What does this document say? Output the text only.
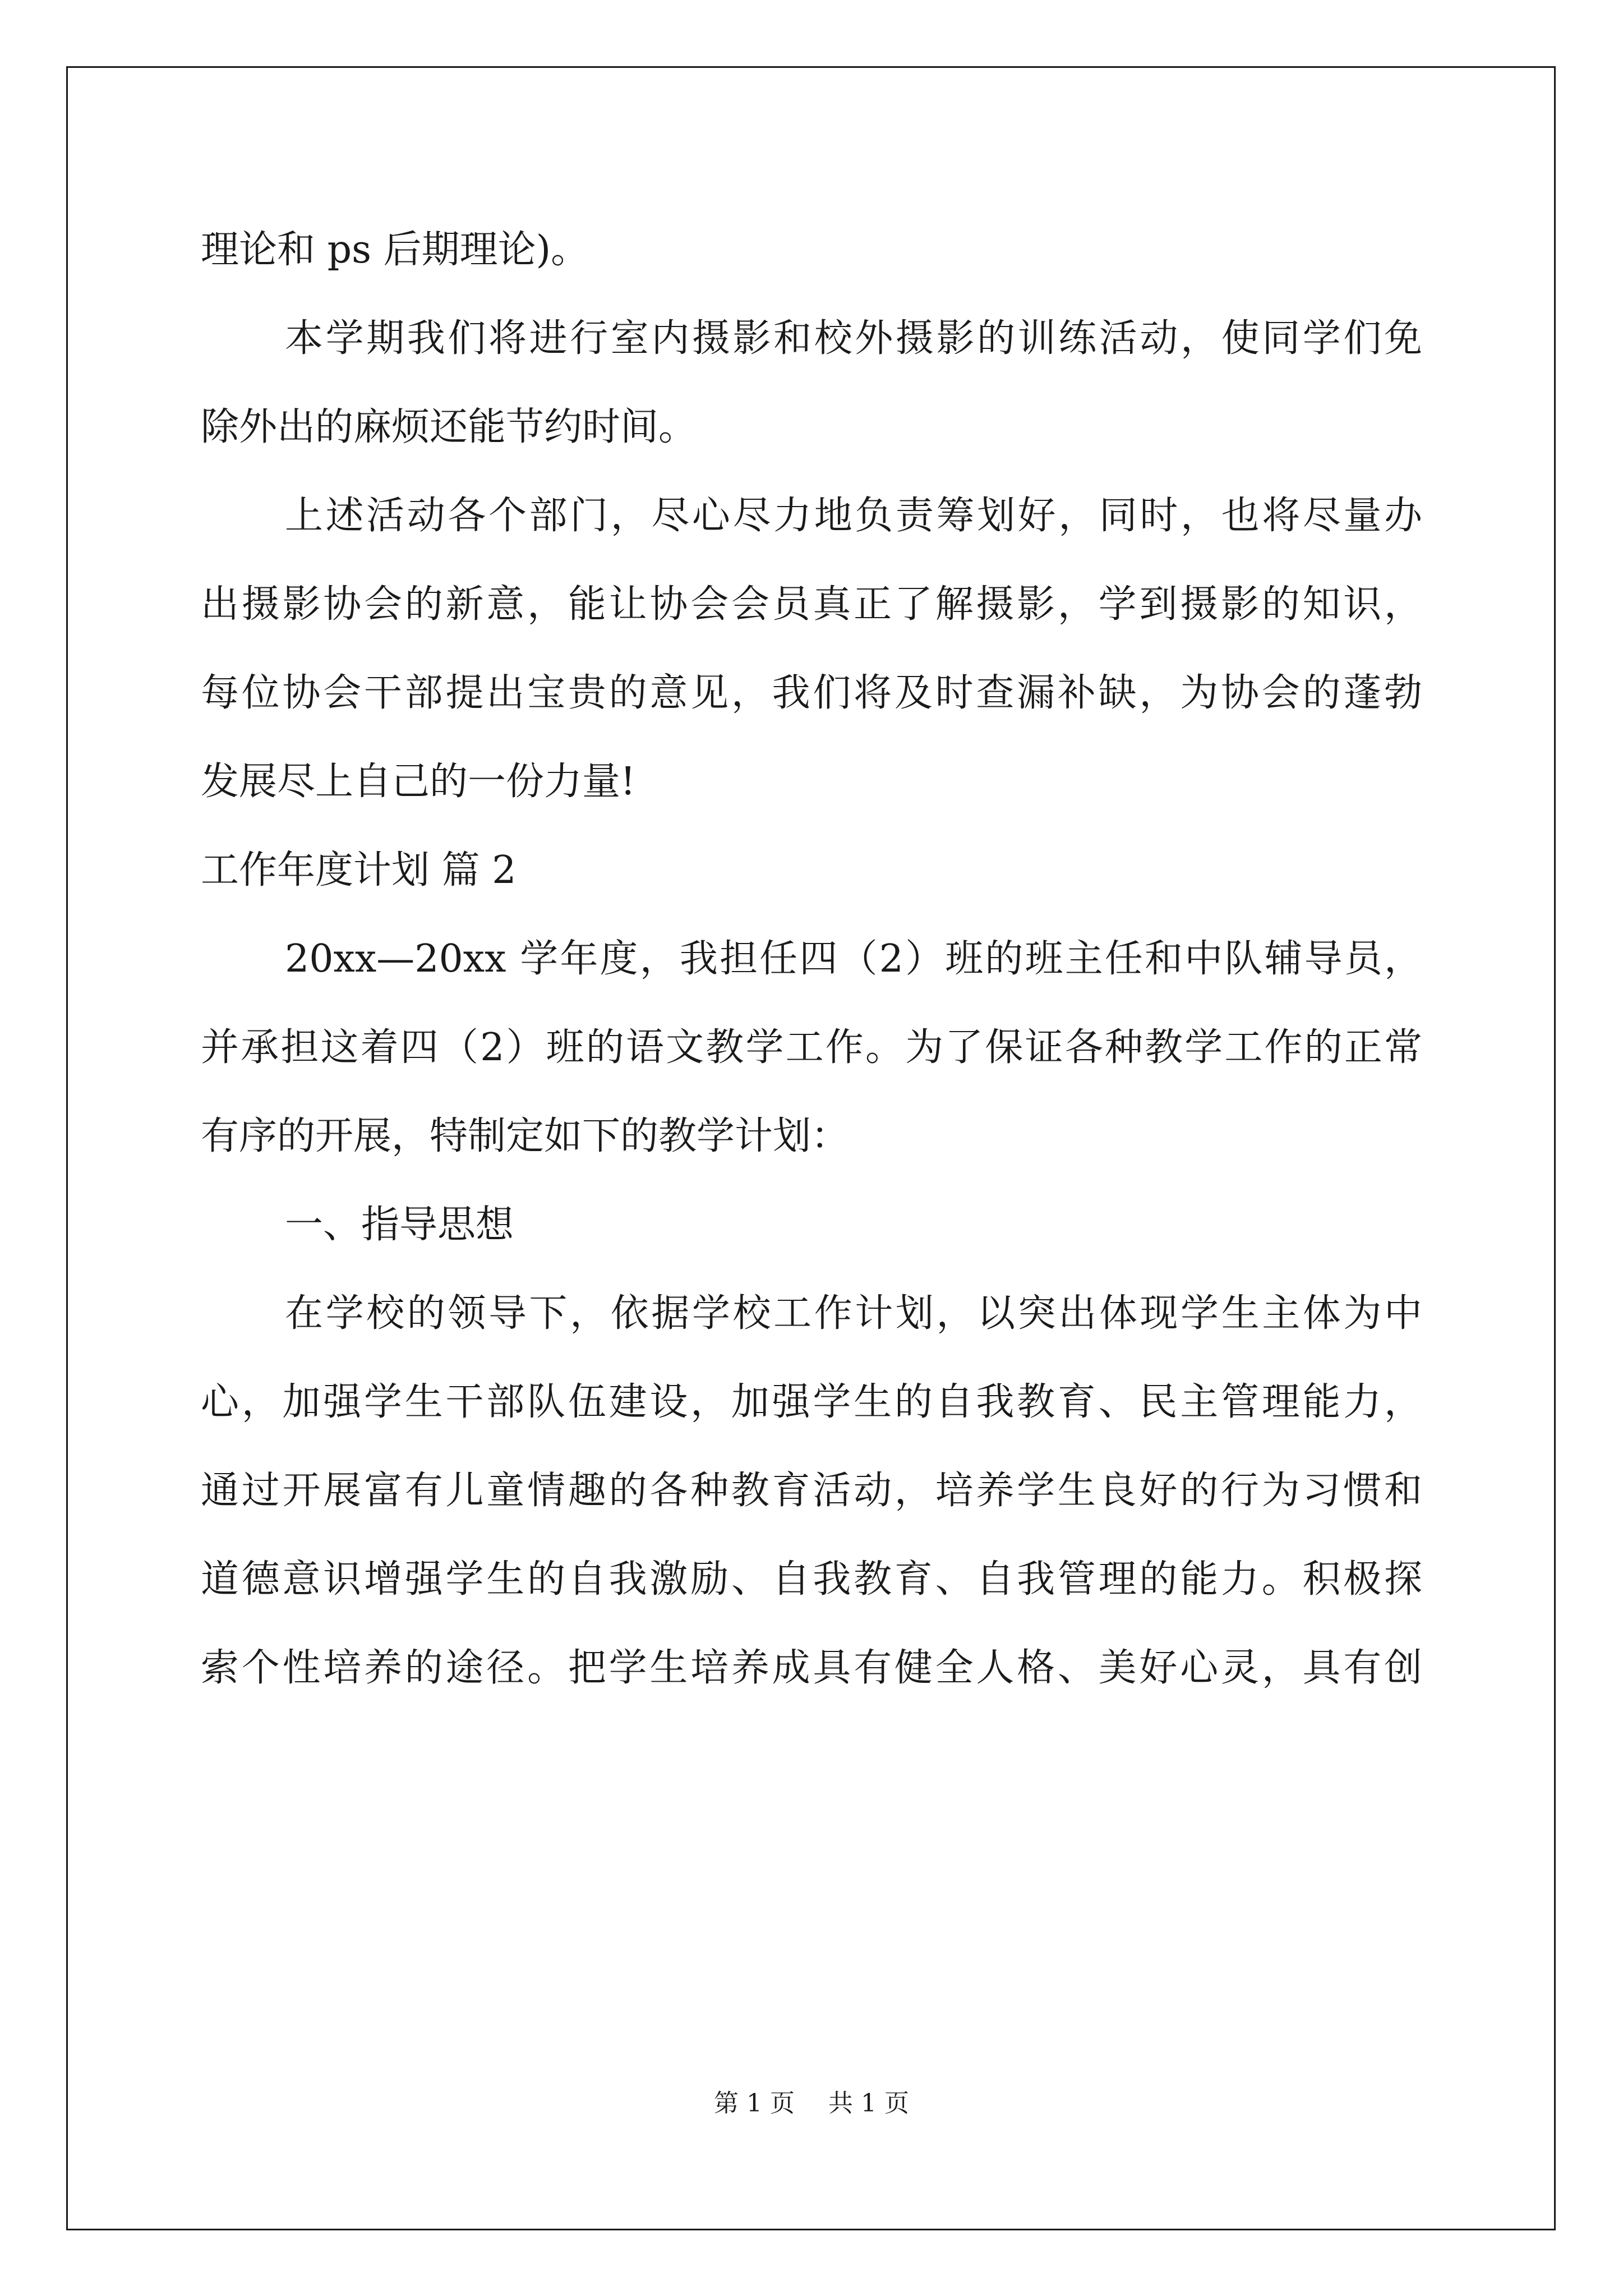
理论和 ps 后期理论)。
本学期我们将进行室内摄影和校外摄影的训练活动，使同学们免
除外出的麻烦还能节约时间。
上述活动各个部门，尽心尽力地负责筹划好，同时，也将尽量办
出摄影协会的新意，能让协会会员真正了解摄影，学到摄影的知识，
每位协会干部提出宝贵的意见，我们将及时查漏补缺，为协会的蓬勃
发展尽上自己的一份力量!
工作年度计划 篇 2
20xx—20xx 学年度，我担任四（2）班的班主任和中队辅导员，
并承担这着四（2）班的语文教学工作。为了保证各种教学工作的正常
有序的开展，特制定如下的教学计划：
一、指导思想
在学校的领导下，依据学校工作计划，以突出体现学生主体为中
心，加强学生干部队伍建设，加强学生的自我教育、民主管理能力，
通过开展富有儿童情趣的各种教育活动，培养学生良好的行为习惯和
道德意识增强学生的自我激励、自我教育、自我管理的能力。积极探
索个性培养的途径。把学生培养成具有健全人格、美好心灵，具有创
第 1 页 共 1 页
